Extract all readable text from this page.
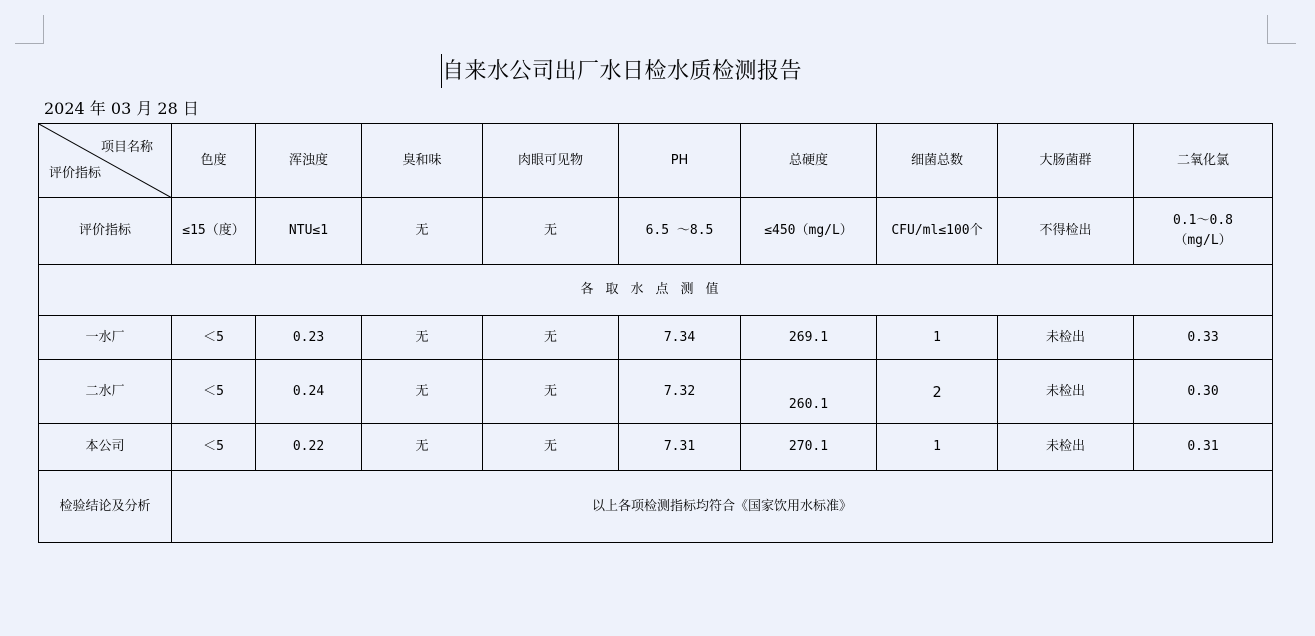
自来水公司出厂水日检水质检测报告
2024 年 03 月 28 日
项目名称
评价指标	色度	浑浊度	臭和味	肉眼可见物	PH	总硬度	细菌总数	大肠菌群	二氧化氯
评价指标	≤15（度）	NTU≤1	无	无	6.5 ～8.5	≤450（mg/L）	CFU/ml≤100个	不得检出	0.1～0.8
（mg/L）

各取水点测值									
一水厂	＜5	0.23	无	无	7.34	269.1	1	未检出	0.33
二水厂	＜5	0.24	无	无	7.32	260.1	2	未检出	0.30
本公司	＜5	0.22	无	无	7.31	270.1	1	未检出	0.31
检验结论及分析	以上各项检测指标均符合《国家饮用水标准》								
